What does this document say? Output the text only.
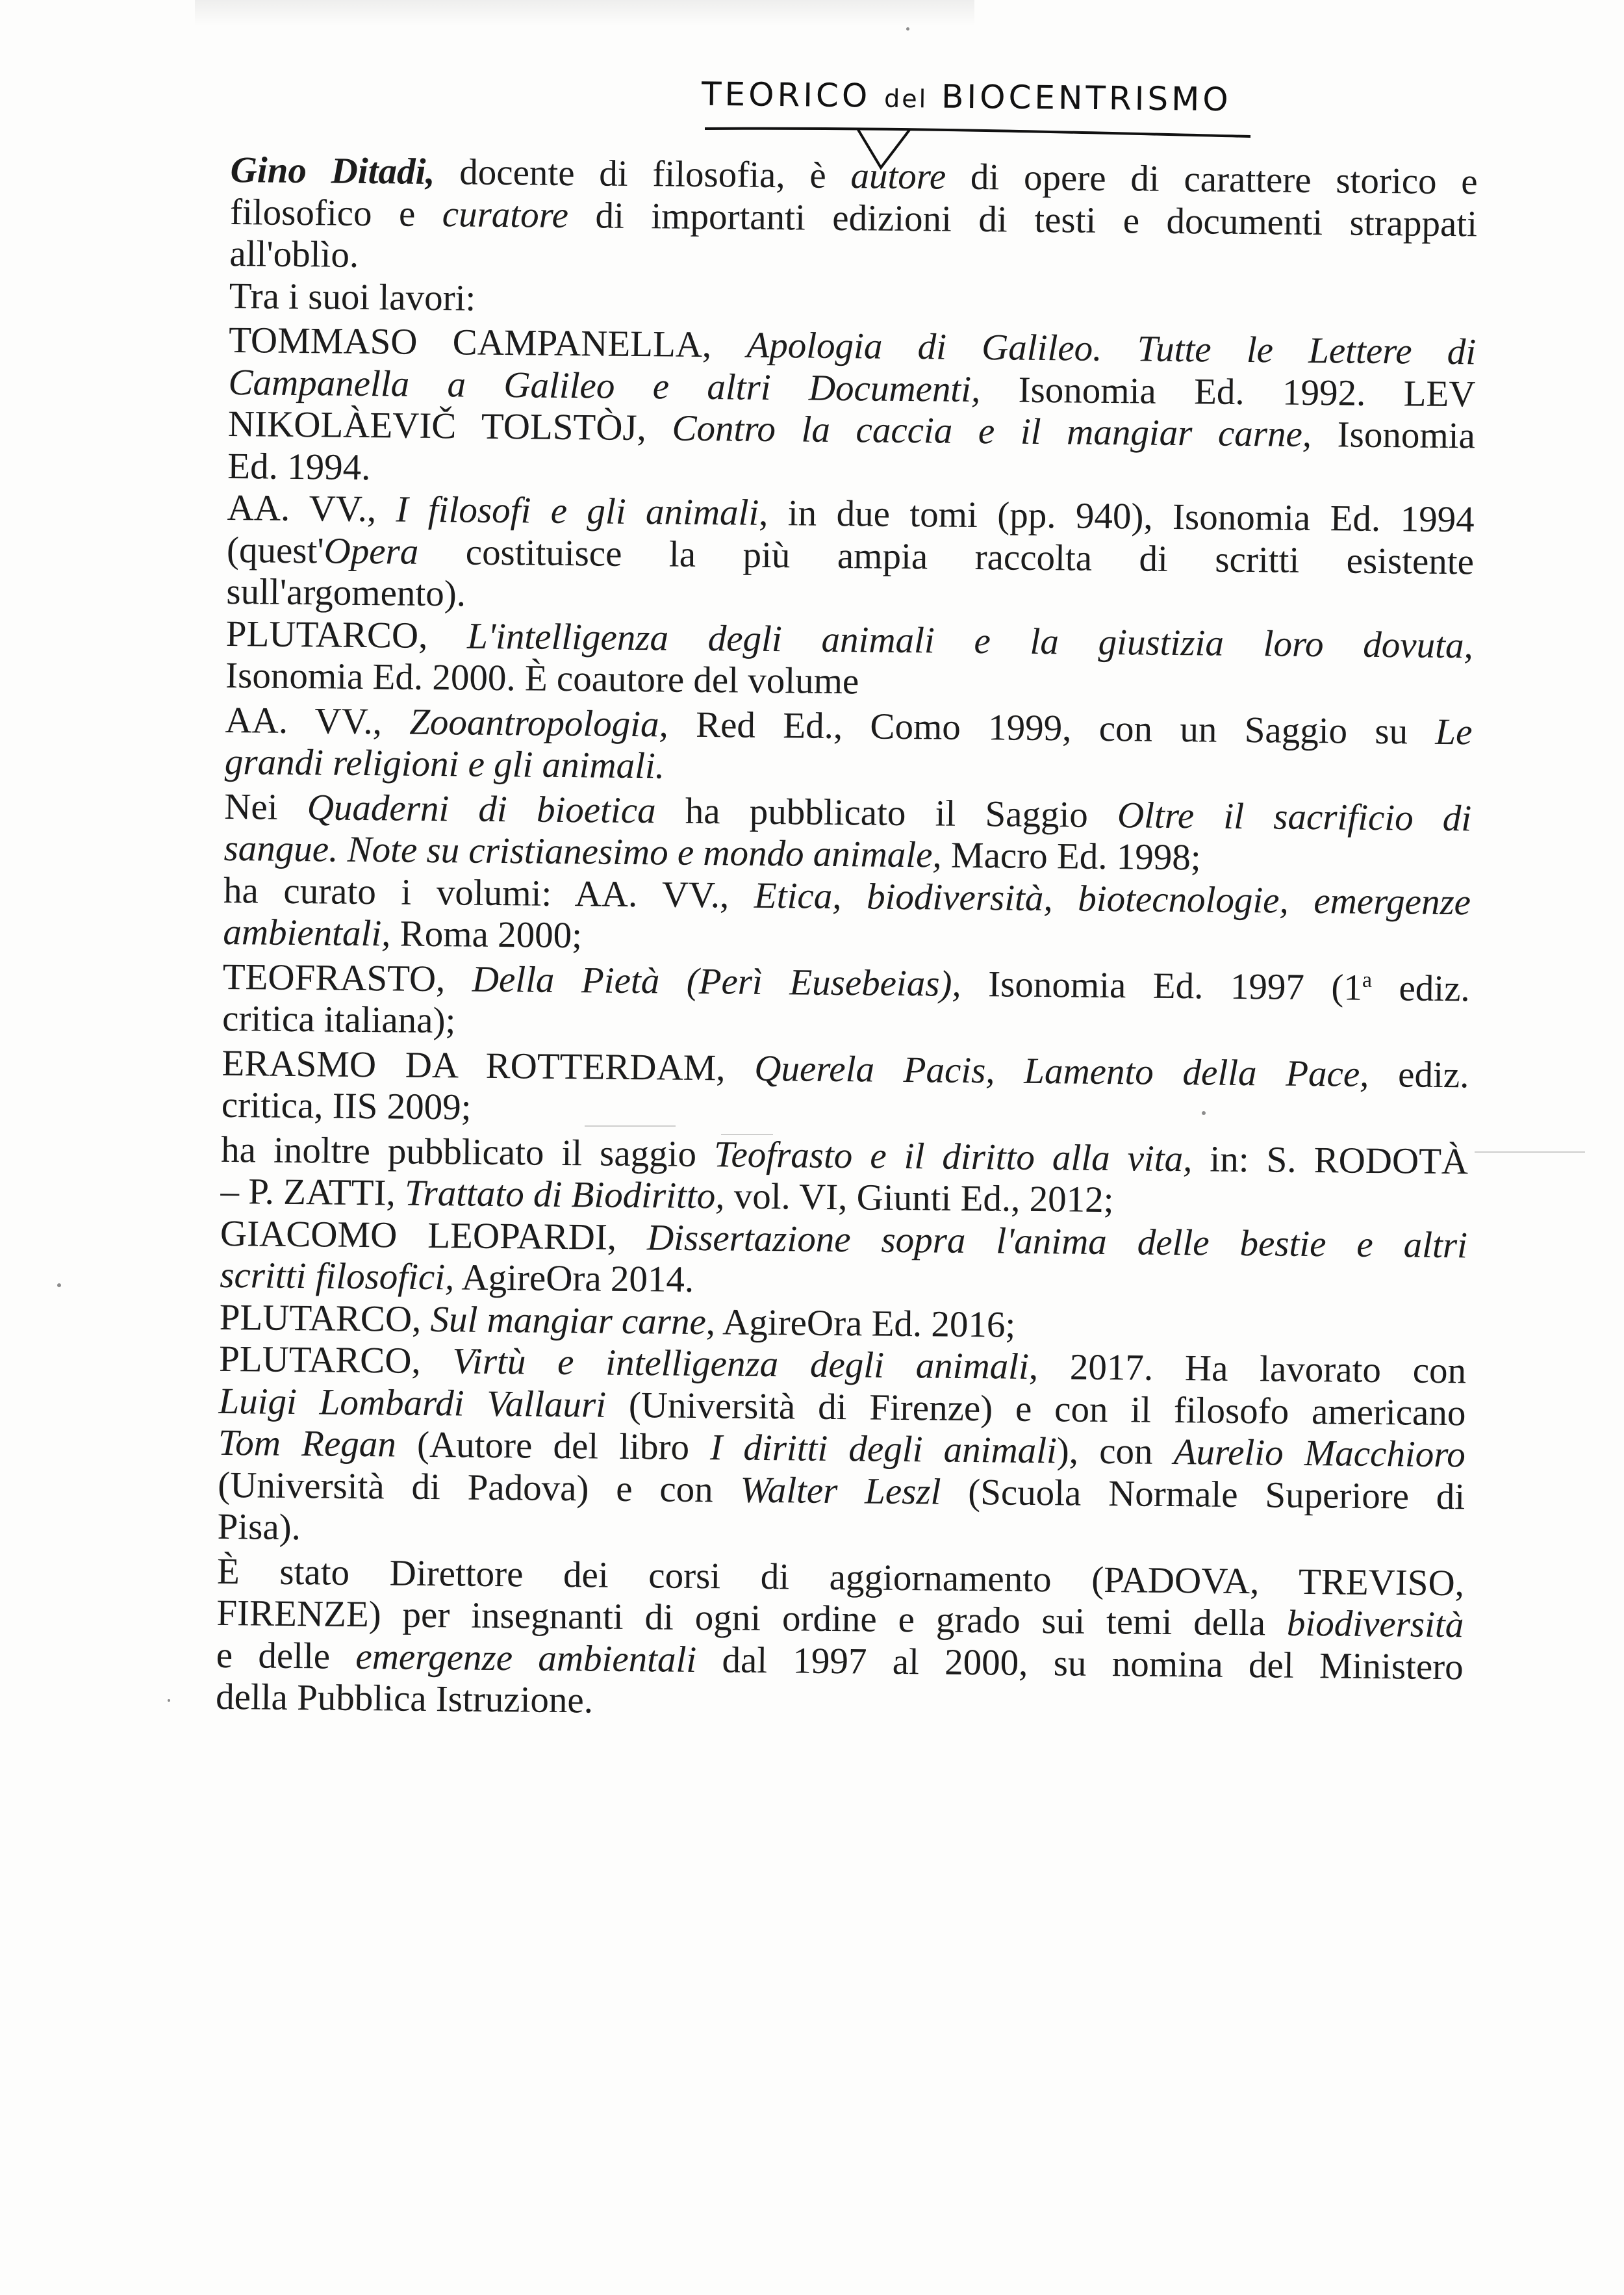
TEORICO del BIOCENTRISMO
Gino Ditadi, docente di filosofia, è autore di opere di carattere storico e
filosofico e curatore di importanti edizioni di testi e documenti strappati
all'oblìo.
Tra i suoi lavori:
TOMMASO CAMPANELLA, Apologia di Galileo. Tutte le Lettere di
Campanella a Galileo e altri Documenti, Isonomia Ed. 1992. LEV
NIKOLÀEVIČ TOLSTÒJ, Contro la caccia e il mangiar carne, Isonomia
Ed. 1994.
AA. VV., I filosofi e gli animali, in due tomi (pp. 940), Isonomia Ed. 1994
(quest'Opera costituisce la più ampia raccolta di scritti esistente
sull'argomento).
PLUTARCO, L'intelligenza degli animali e la giustizia loro dovuta,
Isonomia Ed. 2000. È coautore del volume
AA. VV., Zooantropologia, Red Ed., Como 1999, con un Saggio su Le
grandi religioni e gli animali.
Nei Quaderni di bioetica ha pubblicato il Saggio Oltre il sacrificio di
sangue. Note su cristianesimo e mondo animale, Macro Ed. 1998;
ha curato i volumi: AA. VV., Etica, biodiversità, biotecnologie, emergenze
ambientali, Roma 2000;
TEOFRASTO, Della Pietà (Perì Eusebeias), Isonomia Ed. 1997 (1$^a$ ediz.
critica italiana);
ERASMO DA ROTTERDAM, Querela Pacis, Lamento della Pace, ediz.
critica, IIS 2009;
ha inoltre pubblicato il saggio Teofrasto e il diritto alla vita, in: S. RODOTÀ
– P. ZATTI, Trattato di Biodiritto, vol. VI, Giunti Ed., 2012;
GIACOMO LEOPARDI, Dissertazione sopra l'anima delle bestie e altri
scritti filosofici, AgireOra 2014.
PLUTARCO, Sul mangiar carne, AgireOra Ed. 2016;
PLUTARCO, Virtù e intelligenza degli animali, 2017. Ha lavorato con
Luigi Lombardi Vallauri (Università di Firenze) e con il filosofo americano
Tom Regan (Autore del libro I diritti degli animali), con Aurelio Macchioro
(Università di Padova) e con Walter Leszl (Scuola Normale Superiore di
Pisa).
È stato Direttore dei corsi di aggiornamento (PADOVA, TREVISO,
FIRENZE) per insegnanti di ogni ordine e grado sui temi della biodiversità
e delle emergenze ambientali dal 1997 al 2000, su nomina del Ministero
della Pubblica Istruzione.
